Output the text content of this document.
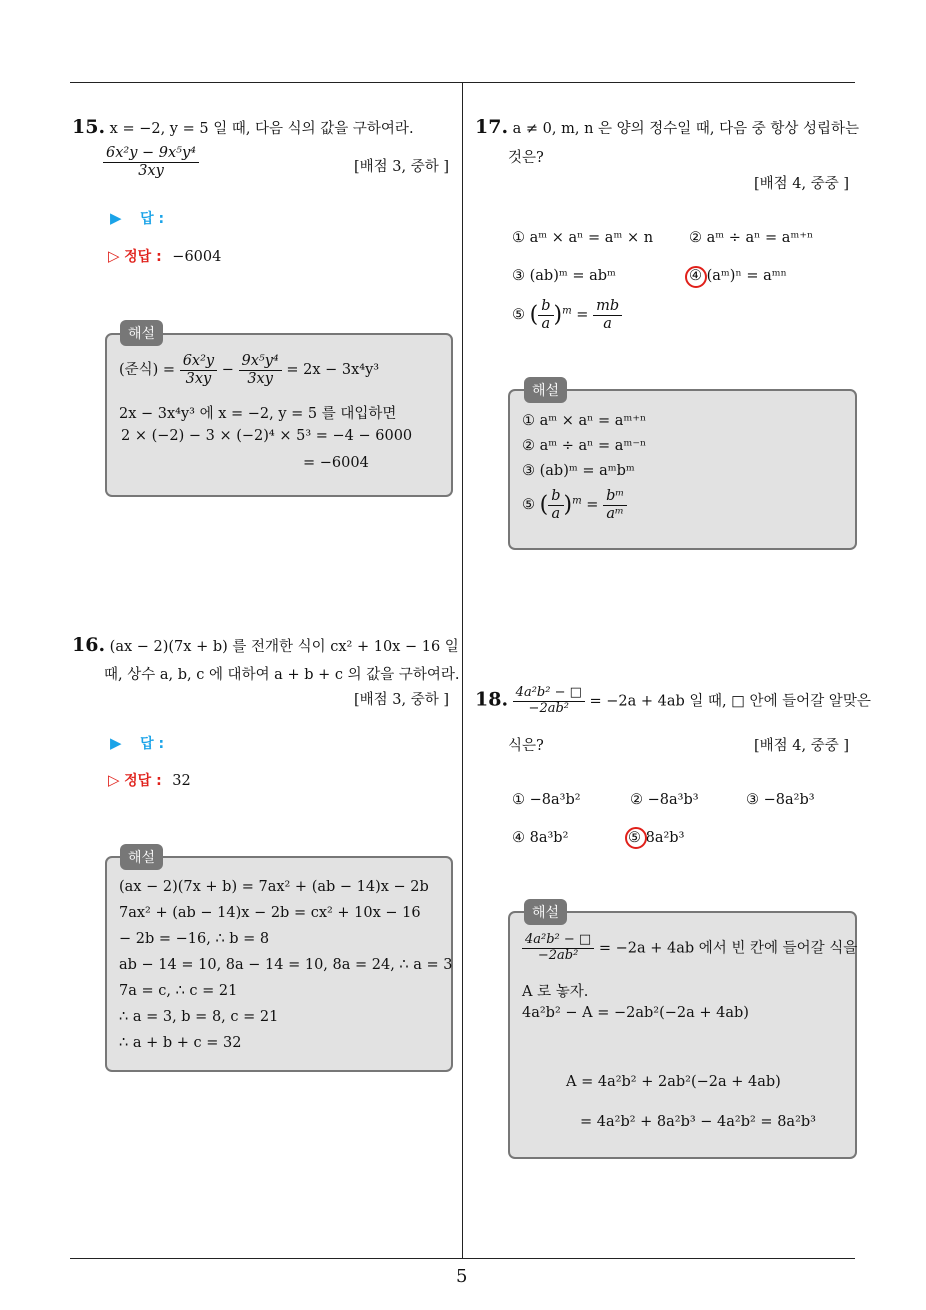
5
15. x = −2, y = 5 일 때, 다음 식의 값을 구하여라.
$\frac{\text{6x²y − 9x⁵y⁴}}{3xy}$	[배점 3, 중하 ]
▶ 답 :
▷ 정답 : −6004
해설
(준식) = $\frac{\text{6x²y}}{3xy} - \frac{\text{9x⁵y⁴}}{3xy} = 2x - 3x^4y^3$
2x − 3x⁴y³ 에 x = −2, y = 5 를 대입하면
2 × (−2) − 3 × (−2)⁴ × 5³ = −4 − 6000
= −6004
16. (ax − 2)(7x + b) 를 전개한 식이 cx² + 10x − 16 일
때, 상수 a, b, c 에 대하여 a + b + c 의 값을 구하여라.
[배점 3, 중하 ]
▶ 답 :
▷ 정답 : 32
해설
(ax − 2)(7x + b) = 7ax² + (ab − 14)x − 2b
7ax² + (ab − 14)x − 2b = cx² + 10x − 16
− 2b = −16, ∴ b = 8
ab − 14 = 10, 8a − 14 = 10, 8a = 24, ∴ a = 3
7a = c, ∴ c = 21
∴ a = 3, b = 8, c = 21
∴ a + b + c = 32
17. a ≠ 0, m, n 은 양의 정수일 때, 다음 중 항상 성립하는
것은?
[배점 4, 중중 ]
① aᵐ × aⁿ = aᵐ × n ② aᵐ ÷ aⁿ = aᵐ⁺ⁿ
③ (ab)ᵐ = abᵐ	④ (aᵐ)ⁿ = aᵐⁿ
⑤ ( $\frac{b}{a} )^m = \frac{mb}{a}$
해설
① aᵐ × aⁿ = aᵐ⁺ⁿ
② aᵐ ÷ aⁿ = aᵐ⁻ⁿ
③ (ab)ᵐ = aᵐbᵐ
⑤ ( $\frac{b}{a} )^m = \frac{\text{bᵐ}}{\text{aᵐ}}$
18. $\frac{\text{4a²b² − □}}{\text{−2ab²}} = -2a + 4ab$ 일 때, □ 안에 들어갈 알맞은
식은?	[배점 4, 중중 ]
① −8a³b²	② −8a³b³	③ −8a²b³
④ 8a³b²	⑤ 8a²b³
해설
$\frac{\text{4a²b² − □}}{\text{−2ab²}} = -2a + 4ab$ 에서 빈 칸에 들어갈 식을
A 로 놓자.
4a²b² − A = −2ab²(−2a + 4ab)
A = 4a²b² + 2ab²(−2a + 4ab)
= 4a²b² + 8a²b³ − 4a²b² = 8a²b³
